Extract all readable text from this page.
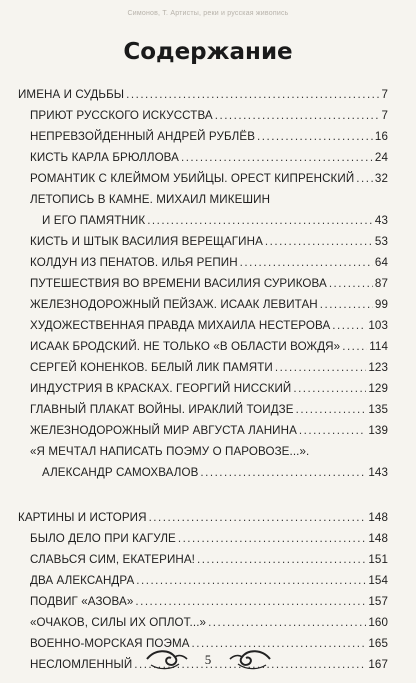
Симонов, Т. Артисты, реки и русская живопись
Содержание
ИМЕНА И СУДЬБЫ .....	7
ПРИЮТ РУССКОГО ИСКУССТВА .....	7
НЕПРЕВЗОЙДЕННЫЙ АНДРЕЙ РУБЛЁВ .....	16
КИСТЬ КАРЛА БРЮЛЛОВА .....	24
РОМАНТИК С КЛЕЙМОМ УБИЙЦЫ. ОРЕСТ КИПРЕНСКИЙ ..... 32
ЛЕТОПИСЬ В КАМНЕ. МИХАИЛ МИКЕШИН
И ЕГО ПАМЯТНИК .....	43
КИСТЬ И ШТЫК ВАСИЛИЯ ВЕРЕЩАГИНА .....	53
КОЛДУН ИЗ ПЕНАТОВ. ИЛЬЯ РЕПИН .....	64
ПУТЕШЕСТВИЯ ВО ВРЕМЕНИ ВАСИЛИЯ СУРИКОВА .....	87
ЖЕЛЕЗНОДОРОЖНЫЙ ПЕЙЗАЖ. ИСААК ЛЕВИТАН .....	99
ХУДОЖЕСТВЕННАЯ ПРАВДА МИХАИЛА НЕСТЕРОВА .....	103
ИСААК БРОДСКИЙ. НЕ ТОЛЬКО «В ОБЛАСТИ ВОЖДЯ» ..... 114
СЕРГЕЙ КОНЕНКОВ. БЕЛЫЙ ЛИК ПАМЯТИ .....	123
ИНДУСТРИЯ В КРАСКАХ. ГЕОРГИЙ НИССКИЙ .....	129
ГЛАВНЫЙ ПЛАКАТ ВОЙНЫ. ИРАКЛИЙ ТОИДЗЕ .....	135
ЖЕЛЕЗНОДОРОЖНЫЙ МИР АВГУСТА ЛАНИНА .....	139
«Я МЕЧТАЛ НАПИСАТЬ ПОЭМУ О ПАРОВОЗЕ...».
АЛЕКСАНДР САМОХВАЛОВ .....	143
КАРТИНЫ И ИСТОРИЯ .....	148
БЫЛО ДЕЛО ПРИ КАГУЛЕ .....	148
СЛАВЬСЯ СИМ, ЕКАТЕРИНА! .....	151
ДВА АЛЕКСАНДРА .....	154
ПОДВИГ «АЗОВА» .....	157
«ОЧАКОВ, СИЛЫ ИХ ОПЛОТ...» .....	160
ВОЕННО-МОРСКАЯ ПОЭМА .....	165
НЕСЛОМЛЕННЫЙ .....	167
5
